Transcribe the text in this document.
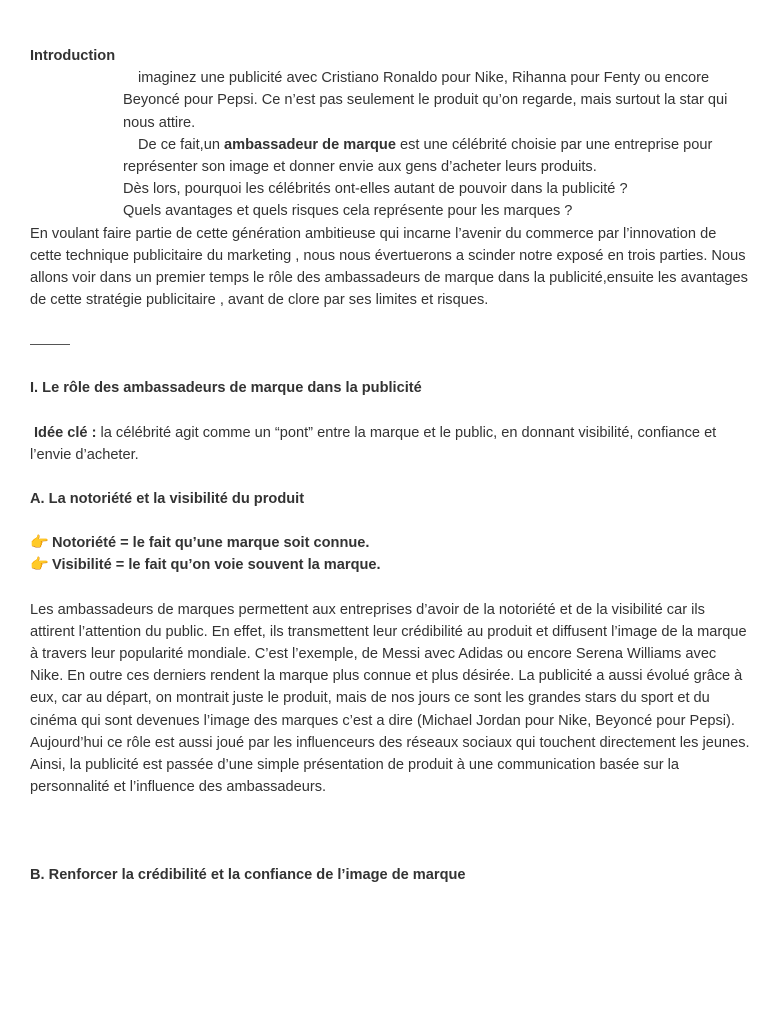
Introduction

imaginez une publicité avec Cristiano Ronaldo pour Nike, Rihanna pour Fenty ou encore Beyoncé pour Pepsi. Ce n’est pas seulement le produit qu’on regarde, mais surtout la star qui nous attire.

De ce fait,un ambassadeur de marque est une célébrité choisie par une entreprise pour représenter son image et donner envie aux gens d’acheter leurs produits.

Dès lors, pourquoi les célébrités ont-elles autant de pouvoir dans la publicité ?

Quels avantages et quels risques cela représente pour les marques ?

En voulant faire partie de cette génération ambitieuse qui incarne l’avenir du commerce par l’innovation de cette technique publicitaire du marketing , nous nous évertuerons a scinder notre exposé en trois parties. Nous allons voir dans un premier temps le rôle des ambassadeurs de marque dans la publicité,ensuite les avantages de cette stratégie publicitaire , avant de clore par ses limites et risques.

I. Le rôle des ambassadeurs de marque dans la publicité

Idée clé : la célébrité agit comme un “pont” entre la marque et le public, en donnant visibilité, confiance et l’envie d’acheter.

A. La notoriété et la visibilité du produit

👉 Notoriété = le fait qu’une marque soit connue.

👉 Visibilité = le fait qu’on voie souvent la marque.

Les ambassadeurs de marques permettent aux entreprises d’avoir de la notoriété et de la visibilité car ils attirent l’attention du public. En effet, ils transmettent leur crédibilité au produit et diffusent l’image de la marque à travers leur popularité mondiale. C’est l’exemple, de Messi avec Adidas ou encore Serena Williams avec Nike. En outre ces derniers rendent la marque plus connue et plus désirée. La publicité a aussi évolué grâce à eux, car au départ, on montrait juste le produit, mais de nos jours ce sont les grandes stars du sport et du cinéma qui sont devenues l’image des marques c’est a dire (Michael Jordan pour Nike, Beyoncé pour Pepsi). Aujourd’hui ce rôle est aussi joué par les influenceurs des réseaux sociaux qui touchent directement les jeunes. Ainsi, la publicité est passée d’une simple présentation de produit à une communication basée sur la personnalité et l’influence des ambassadeurs.

B. Renforcer la crédibilité et la confiance de l’image de marque
